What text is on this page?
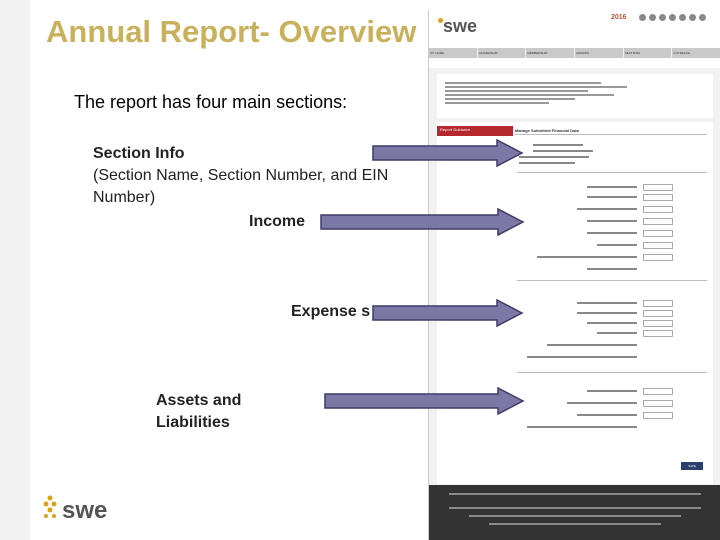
Annual Report- Overview
The report has four main sections:
Section Info
(Section Name, Section Number, and EIN Number)
Income
Expense s
Assets and Liabilities
swe	2016
MY HOME	LEADERSHIP	MEMBERSHIP	AWARDS	SECTIONS	OUTREACH
Report Guidance	Manage Submitted Financial Data
SAVE
swe
